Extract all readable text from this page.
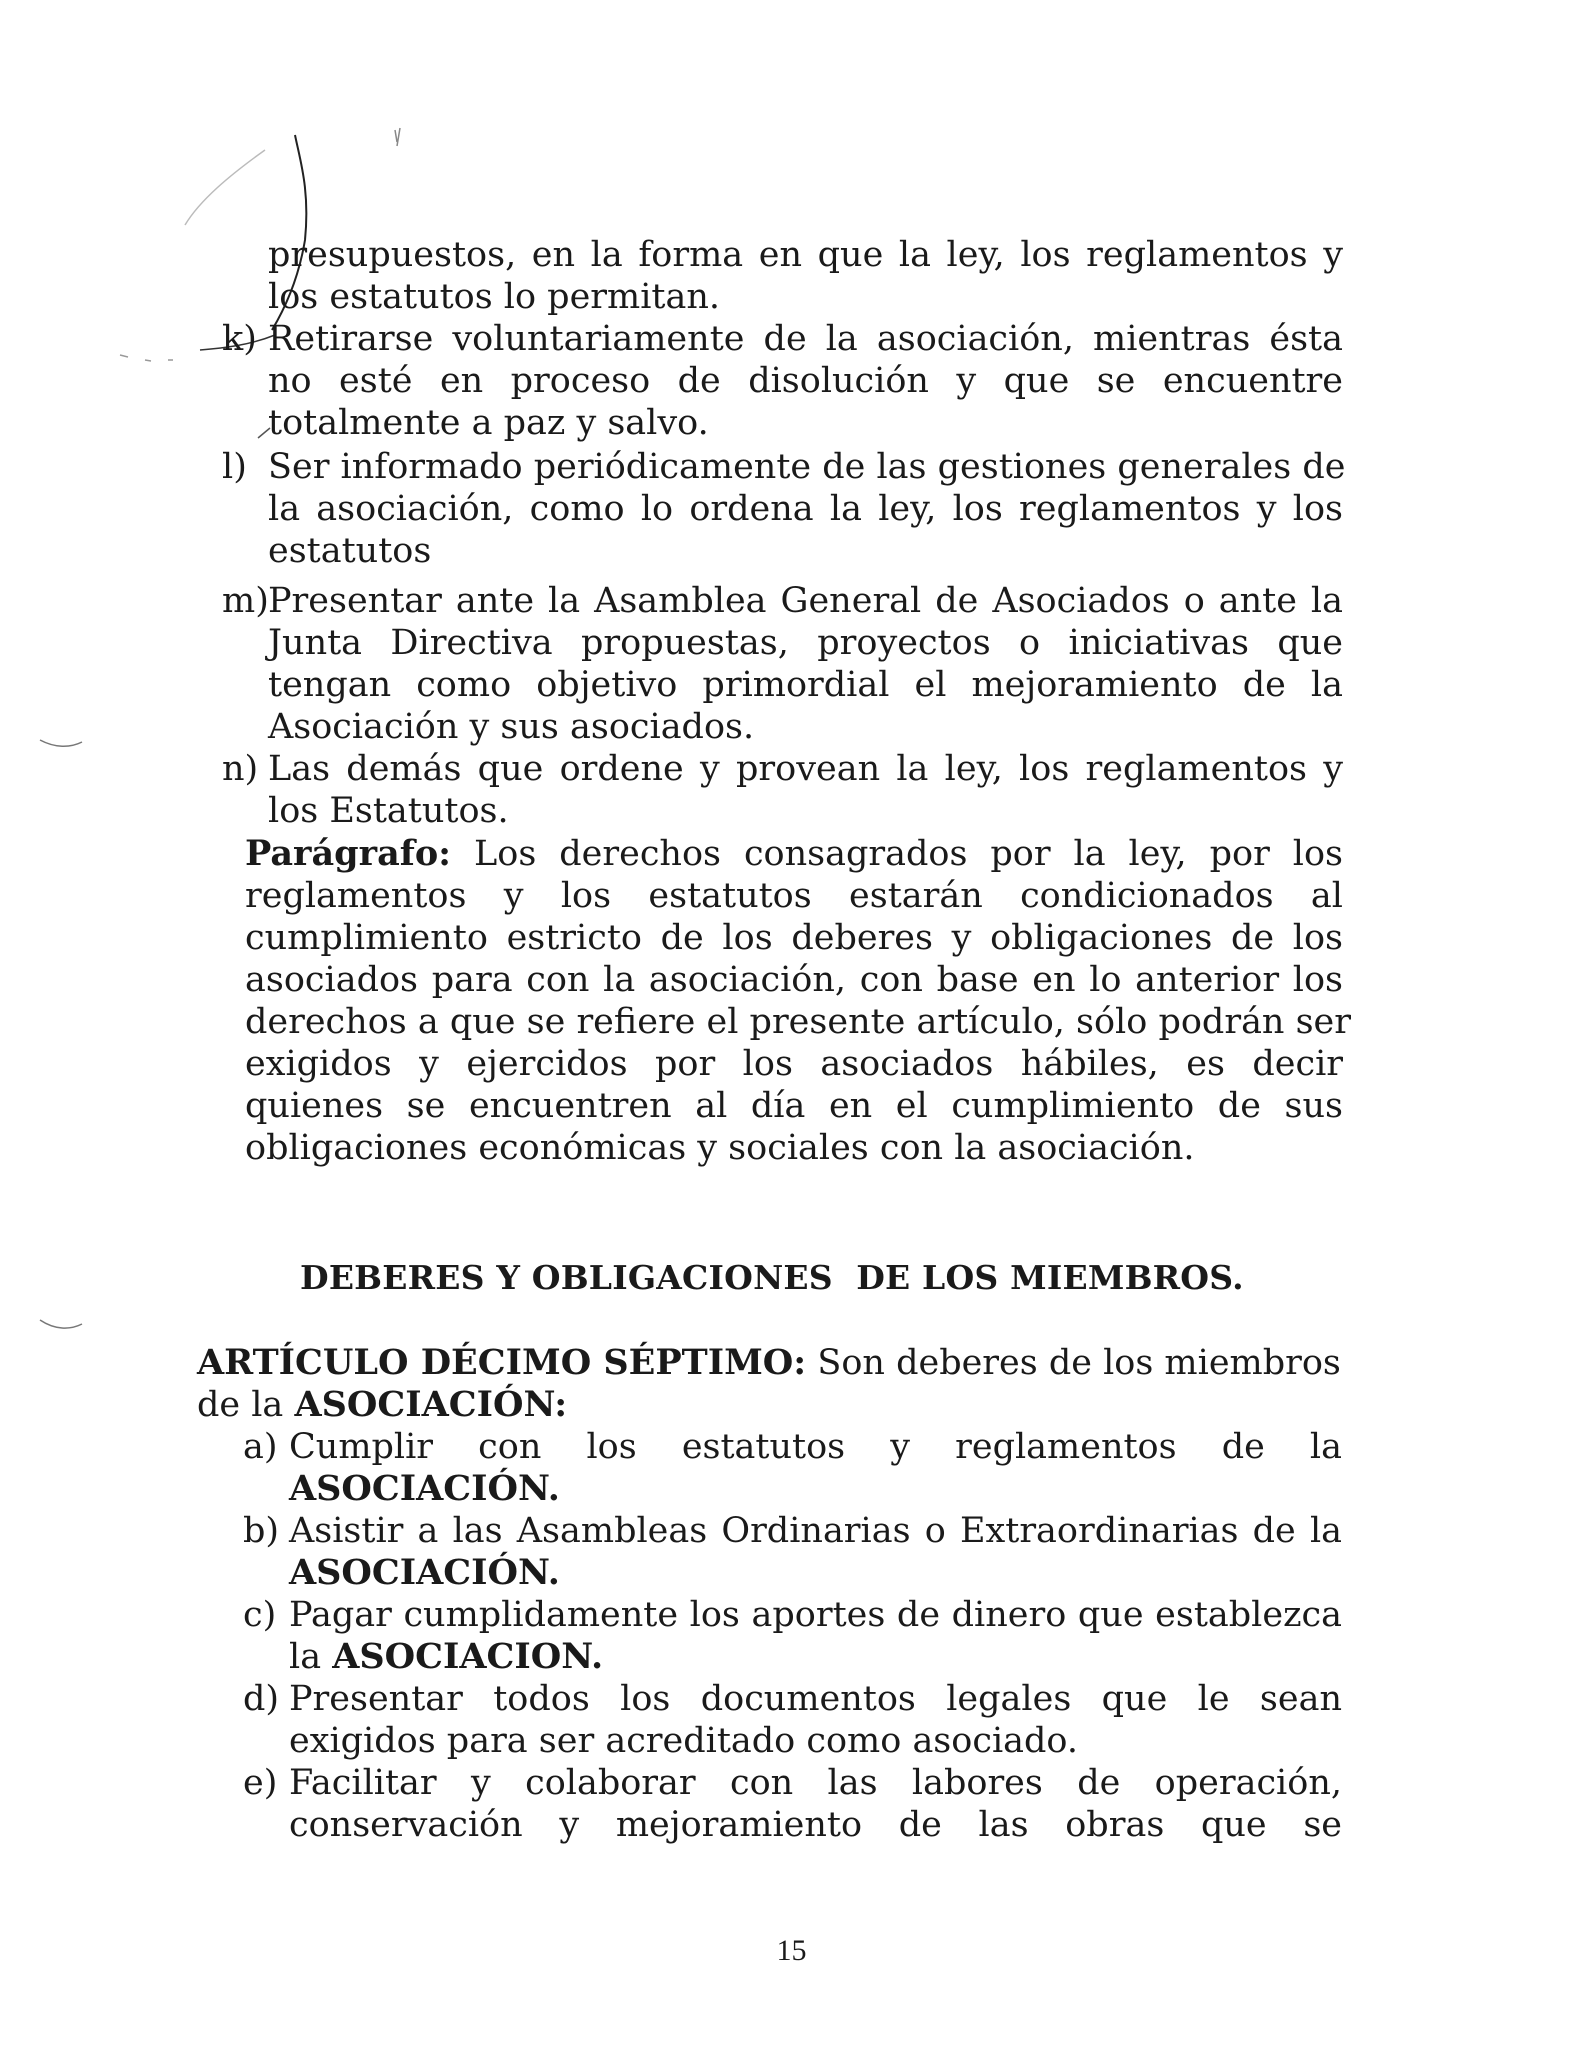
presupuestos, en la forma en que la ley, los reglamentos y
los estatutos lo permitan.
k) Retirarse voluntariamente de la asociación, mientras ésta
no esté en proceso de disolución y que se encuentre
totalmente a paz y salvo.
l) Ser informado periódicamente de las gestiones generales de
la asociación, como lo ordena la ley, los reglamentos y los
estatutos
m) Presentar ante la Asamblea General de Asociados o ante la
Junta Directiva propuestas, proyectos o iniciativas que
tengan como objetivo primordial el mejoramiento de la
Asociación y sus asociados.
n) Las demás que ordene y provean la ley, los reglamentos y
los Estatutos.
Parágrafo: Los derechos consagrados por la ley, por los
reglamentos y los estatutos estarán condicionados al
cumplimiento estricto de los deberes y obligaciones de los
asociados para con la asociación, con base en lo anterior los
derechos a que se refiere el presente artículo, sólo podrán ser
exigidos y ejercidos por los asociados hábiles, es decir
quienes se encuentren al día en el cumplimiento de sus
obligaciones económicas y sociales con la asociación.
DEBERES Y OBLIGACIONES  DE LOS MIEMBROS.
ARTÍCULO DÉCIMO SÉPTIMO: Son deberes de los miembros
de la ASOCIACIÓN:
a) Cumplir con los estatutos y reglamentos de la
ASOCIACIÓN.
b) Asistir a las Asambleas Ordinarias o Extraordinarias de la
ASOCIACIÓN.
c) Pagar cumplidamente los aportes de dinero que establezca
la ASOCIACION.
d) Presentar todos los documentos legales que le sean
exigidos para ser acreditado como asociado.
e) Facilitar y colaborar con las labores de operación,
conservación y mejoramiento de las obras que se
15
